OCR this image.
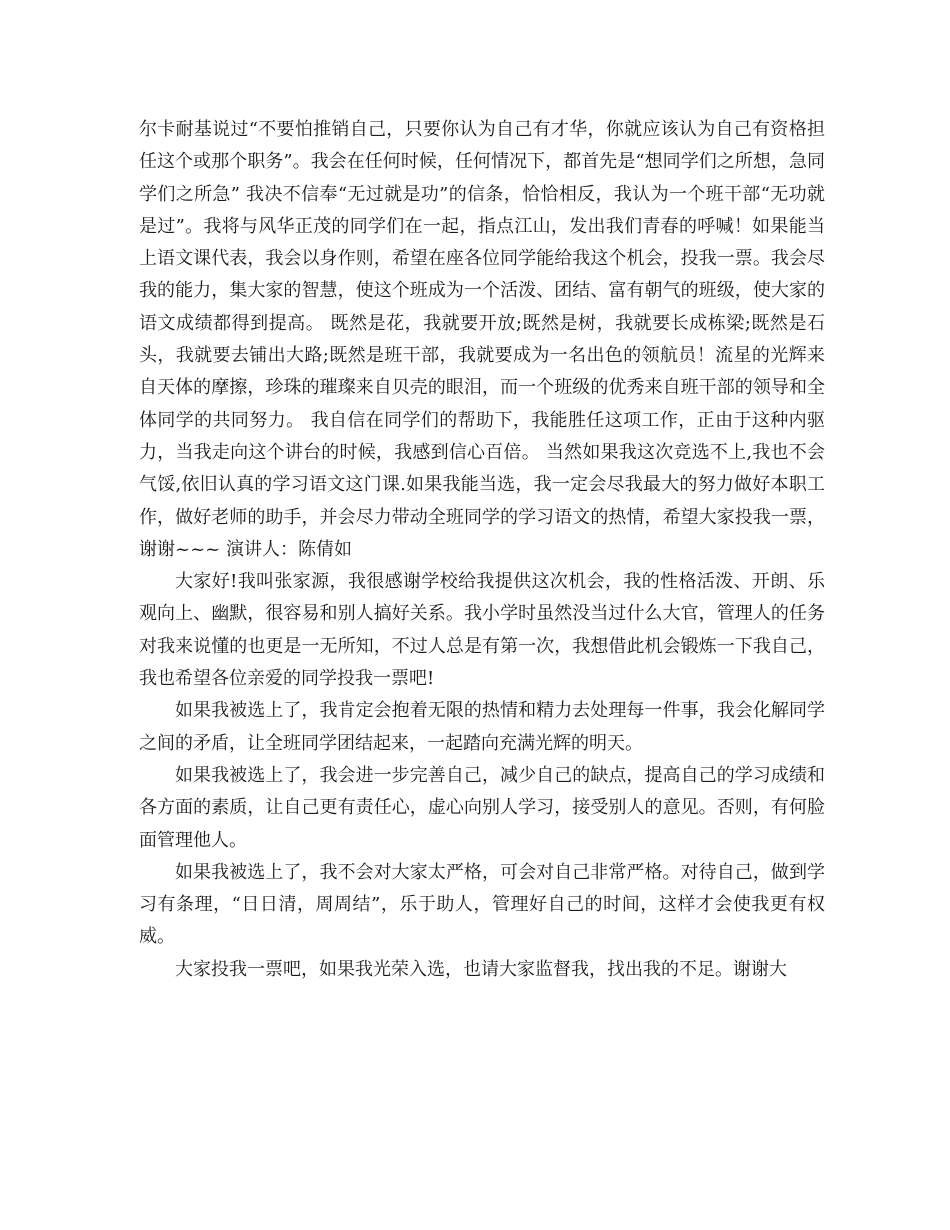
尔卡耐基说过“不要怕推销自己，只要你认为自己有才华，你就应该认为自己有资格担任这个或那个职务”。我会在任何时候，任何情况下，都首先是“想同学们之所想，急同学们之所急” 我决不信奉“无过就是功”的信条，恰恰相反，我认为一个班干部“无功就是过”。我将与风华正茂的同学们在一起，指点江山，发出我们青春的呼喊！如果能当上语文课代表，我会以身作则，希望在座各位同学能给我这个机会，投我一票。我会尽我的能力，集大家的智慧，使这个班成为一个活泼、团结、富有朝气的班级，使大家的语文成绩都得到提高。 既然是花，我就要开放;既然是树，我就要长成栋梁;既然是石头，我就要去铺出大路;既然是班干部，我就要成为一名出色的领航员！流星的光辉来自天体的摩擦，珍珠的璀璨来自贝壳的眼泪，而一个班级的优秀来自班干部的领导和全体同学的共同努力。 我自信在同学们的帮助下，我能胜任这项工作，正由于这种内驱力，当我走向这个讲台的时候，我感到信心百倍。 当然如果我这次竞选不上,我也不会气馁,依旧认真的学习语文这门课.如果我能当选，我一定会尽我最大的努力做好本职工作，做好老师的助手，并会尽力带动全班同学的学习语文的热情，希望大家投我一票，谢谢~~~ 演讲人：陈倩如

大家好!我叫张家源，我很感谢学校给我提供这次机会，我的性格活泼、开朗、乐观向上、幽默，很容易和别人搞好关系。我小学时虽然没当过什么大官，管理人的任务对我来说懂的也更是一无所知，不过人总是有第一次，我想借此机会锻炼一下我自己，我也希望各位亲爱的同学投我一票吧!

如果我被选上了，我肯定会抱着无限的热情和精力去处理每一件事，我会化解同学之间的矛盾，让全班同学团结起来，一起踏向充满光辉的明天。

如果我被选上了，我会进一步完善自己，减少自己的缺点，提高自己的学习成绩和各方面的素质，让自己更有责任心，虚心向别人学习，接受别人的意见。否则，有何脸面管理他人。

如果我被选上了，我不会对大家太严格，可会对自己非常严格。对待自己，做到学习有条理，“日日清，周周结”，乐于助人，管理好自己的时间，这样才会使我更有权威。

大家投我一票吧，如果我光荣入选，也请大家监督我，找出我的不足。谢谢大
